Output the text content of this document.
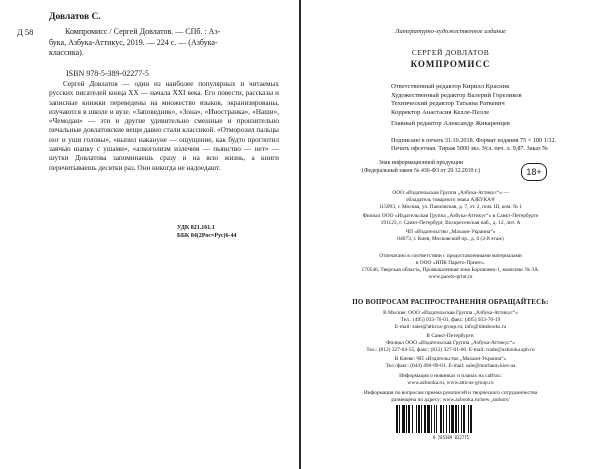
Довлатов С.
Д 58	Компромисс / Сергей Довлатов. — СПб. : Аз-
бука, Азбука-Аттикус, 2019. — 224 с. — (Азбука-
классика).
ISBN 978-5-389-02277-5

Сергей Довлатов — один из наиболее популярных и читаемых русских писателей конца XX — начала XXI века. Его повести, рассказы и записные книжки переведены на множество языков, экранизированы, изучаются в школе и вузе. «Заповедник», «Зона», «Иностранка», «Наши», «Чемодан» — эти и другие удивительно смешные и пронзительно печальные довлатовские вещи давно стали классикой. «Отморозил пальцы ног и уши головы», «выпил накануне — ощущение, как будто проглотил заячью шапку с ушами», «алкоголизм излечим — пьянство — нет» — шутки Довлатова запоминаешь сразу и на всю жизнь, а книги перечитываешь десятки раз. Они никогда не надоедают.

УДК 821.161.1
ББК 84(2Рос=Рус)6-44
Литературно-художественное издание
СЕРГЕЙ ДОВЛАТОВ
КОМПРОМИСС
Ответственный редактор Кирилл Красник
Художественный редактор Валерий Гореликов
Технический редактор Татьяна Раткевич
Корректор Анастасия Келле-Пелле
Главный редактор Александр Жикаренцев
Подписано в печать 31.10.2018. Формат издания 75 × 100 1/32.
Печать офсетная. Тираж 5000 экз. Усл. печ. л. 9,87. Заказ №
Знак информационной продукции
(Федеральный закон № 436-ФЗ от 29.12.2010 г.)	18+
ООО «Издательская Группа „Азбука-Аттикус“» —
обладатель товарного знака АЗБУКА®
115093, г. Москва, ул. Павловская, д. 7, эт. 2, пом. III, ком. № 1
Филиал ООО «Издательская Группа „Азбука-Аттикус“» в Санкт-Петербурге
191123, г. Санкт-Петербург, Воскресенская наб., д. 12, лит. А
ЧП «Издательство „Махаон-Украина“»
04073, г. Киев, Московский пр., д. 6 (2-й этаж)
Отпечатано в соответствии с предоставленными материалами
в ООО «ИПК Парето-Принт».
170546, Тверская область, Промышленная зона Боровлево-1, комплекс № 3А.
www.pareto-print.ru
ПО ВОПРОСАМ РАСПРОСТРАНЕНИЯ ОБРАЩАЙТЕСЬ:
В Москве: ООО «Издательская Группа „Азбука-Аттикус“»
Тел.: (495) 933-76-01, факс: (495) 933-76-19
E-mail: sales@atticus-group.ru; info@ideabooks.ru
В Санкт-Петербурге:
Филиал ООО «Издательская Группа „Азбука-Аттикус“»
Тел.: (812) 327-04-55, факс: (812) 327-01-60. E-mail: trade@azbooka.spb.ru
В Киеве: ЧП «Издательство „Махаон-Украина“»
Тел./факс: (044) 490-99-01. E-mail: sale@machaon.kiev.ua
Информация о новинках и планах на сайтах:
www.azbooka.ru, www.atticus-group.ru
Информация по вопросам приема рукописей и творческого сотрудничества
размещена по адресу: www.azbooka.ru/new_authors/
9 785389 022775
